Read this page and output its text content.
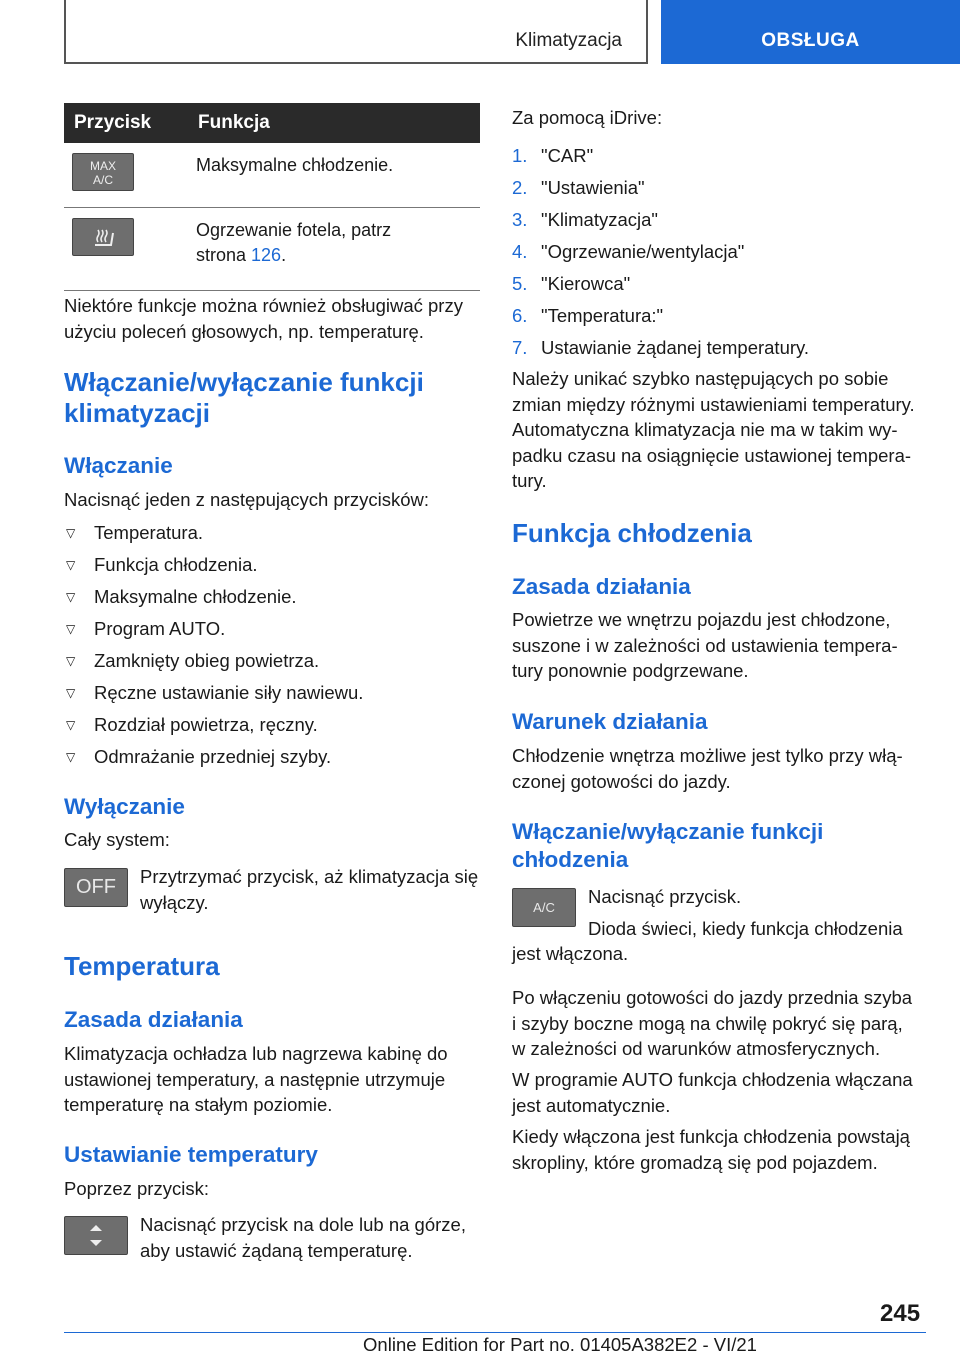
Klimatyzacja	OBSŁUGA
Przycisk	Funkcja

MAX
A/C	Maksymalne chłodzenie.
	Ogrzewanie fotela, patrz
strona 126.

Niektóre funkcje można również obsługiwać przy
użyciu poleceń głosowych, np. temperaturę.

Włączanie/wyłączanie funkcji
klimatyzacji
Włączanie

Nacisnąć jeden z następujących przycisków:

▽ Temperatura.
▽ Funkcja chłodzenia.
▽ Maksymalne chłodzenie.
▽ Program AUTO.
▽ Zamknięty obieg powietrza.
▽ Ręczne ustawianie siły nawiewu.
▽ Rozdział powietrza, ręczny.
▽ Odmrażanie przedniej szyby.
Wyłączanie

Cały system:

OFF	Przytrzymać przycisk, aż klimatyzacja się
wyłączy.

Temperatura
Zasada działania

Klimatyzacja ochładza lub nagrzewa kabinę do
ustawionej temperatury, a następnie utrzymuje
temperaturę na stałym poziomie.

Ustawianie temperatury

Poprzez przycisk:

Nacisnąć przycisk na dole lub na górze,
aby ustawić żądaną temperaturę.

Za pomocą iDrive:

1. "CAR"
2. "Ustawienia"
3. "Klimatyzacja"
4. "Ogrzewanie/wentylacja"
5. "Kierowca"
6. "Temperatura:"
7. Ustawianie żądanej temperatury.

Należy unikać szybko następujących po sobie
zmian między różnymi ustawieniami temperatury.
Automatyczna klimatyzacja nie ma w takim wy-
padku czasu na osiągnięcie ustawionej tempera-
tury.

Funkcja chłodzenia
Zasada działania

Powietrze we wnętrzu pojazdu jest chłodzone,
suszone i w zależności od ustawienia tempera-
tury ponownie podgrzewane.

Warunek działania

Chłodzenie wnętrza możliwe jest tylko przy włą-
czonej gotowości do jazdy.

Włączanie/wyłączanie funkcji
chłodzenia
A/C

Nacisnąć przycisk.

Dioda świeci, kiedy funkcja chłodzenia

jest włączona.

Po włączeniu gotowości do jazdy przednia szyba
i szyby boczne mogą na chwilę pokryć się parą,
w zależności od warunków atmosferycznych.

W programie AUTO funkcja chłodzenia włączana
jest automatycznie.

Kiedy włączona jest funkcja chłodzenia powstają
skropliny, które gromadzą się pod pojazdem.

245
Online Edition for Part no. 01405A382E2 - VI/21
